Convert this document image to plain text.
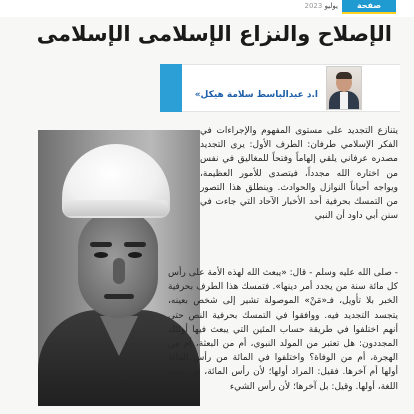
صفحة
يوليو 2023
الإصلاح والنزاع الإسلامى الإسلامى
أ.د عبدالباسط سلامة هيكل»

يتنازع التجديد على مستوى المفهوم والإجراءات في الفكر الإسلامي طرفان: الطرف الأول: يرى التجديد مصدره عرفاني يلقي إلهاماً وفتحاً للمغاليق في نفس من اختاره الله مجدداً، فيتصدى للأمور العظيمة، ويواجه أحياناً النوازل والحوادث. وينطلق هذا التصور من التمسك بحرفية أحد الأخبار الآحاد التي جاءت في سنن أبي داود أن النبي

- صلى الله عليه وسلم - قال: «يبعث الله لهذه الأمة على رأس كل مائة سنة من يجدد أمر دينها». فتمسك هذا الطرف بحرفية الخبر بلا تأويل، فـ«مَنْ» الموصولة تشير إلى شخص بعينه، يتجسد التجديد فيه. ووافقوا في التمسك بحرفية النص حتى أنهم اختلفوا في طريقة حساب المئين التي يبعث فيها أولئك المجددون: هل تعتبر من المولد النبوي، أم من البعثة، أم من الهجرة، أم من الوفاة؟ واختلفوا في المائة من رأس المائة أولها أم آخرها. فقيل: المراد أولها؛ لأن رأس المائة، من حيث اللغة، أولها. وقيل: بل آخرها؛ لأن رأس الشيء
